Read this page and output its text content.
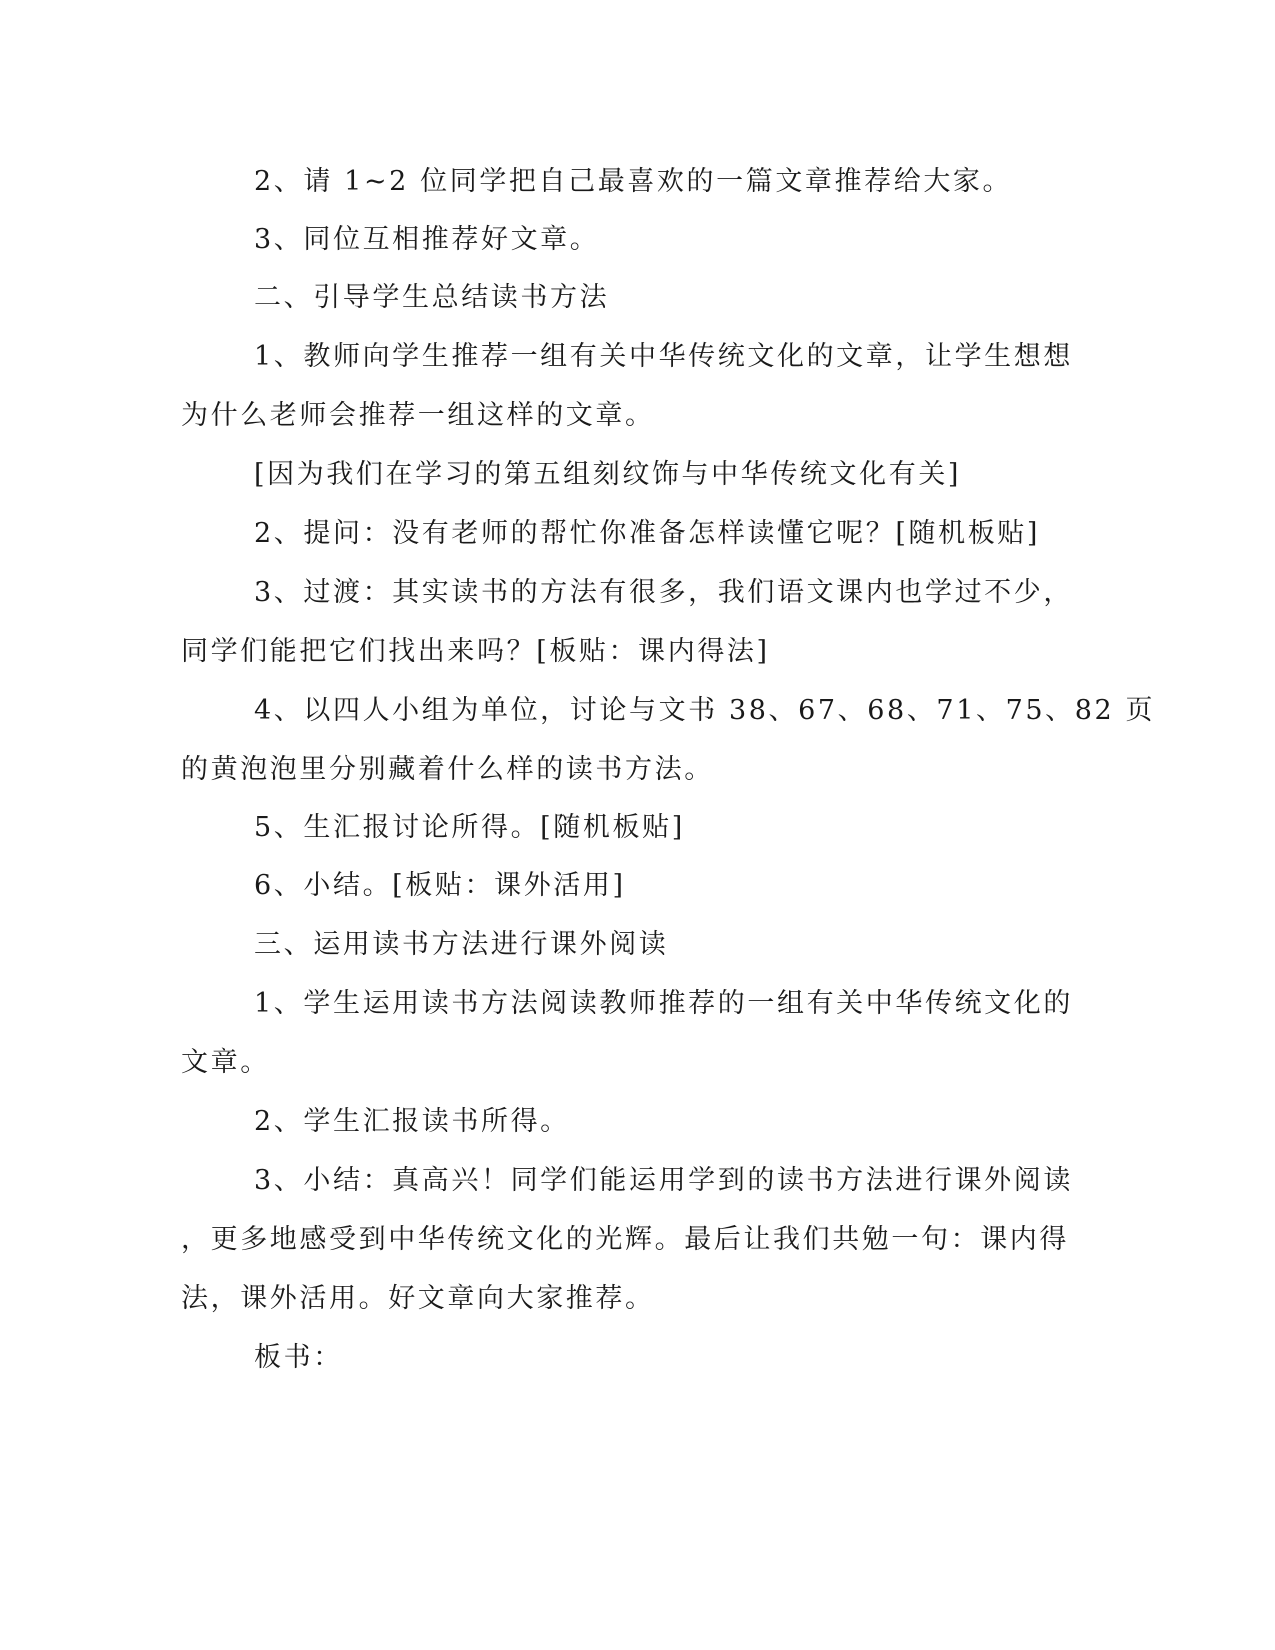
2、请 1~2 位同学把自己最喜欢的一篇文章推荐给大家。
3、同位互相推荐好文章。
二、引导学生总结读书方法
1、教师向学生推荐一组有关中华传统文化的文章，让学生想想
为什么老师会推荐一组这样的文章。
[因为我们在学习的第五组刻纹饰与中华传统文化有关]
2、提问：没有老师的帮忙你准备怎样读懂它呢？[随机板贴]
3、过渡：其实读书的方法有很多，我们语文课内也学过不少，
同学们能把它们找出来吗？[板贴：课内得法]
4、以四人小组为单位，讨论与文书 38、67、68、71、75、82 页
的黄泡泡里分别藏着什么样的读书方法。
5、生汇报讨论所得。[随机板贴]
6、小结。[板贴：课外活用]
三、运用读书方法进行课外阅读
1、学生运用读书方法阅读教师推荐的一组有关中华传统文化的
文章。
2、学生汇报读书所得。
3、小结：真高兴！同学们能运用学到的读书方法进行课外阅读
，更多地感受到中华传统文化的光辉。最后让我们共勉一句：课内得
法，课外活用。好文章向大家推荐。
板书：
